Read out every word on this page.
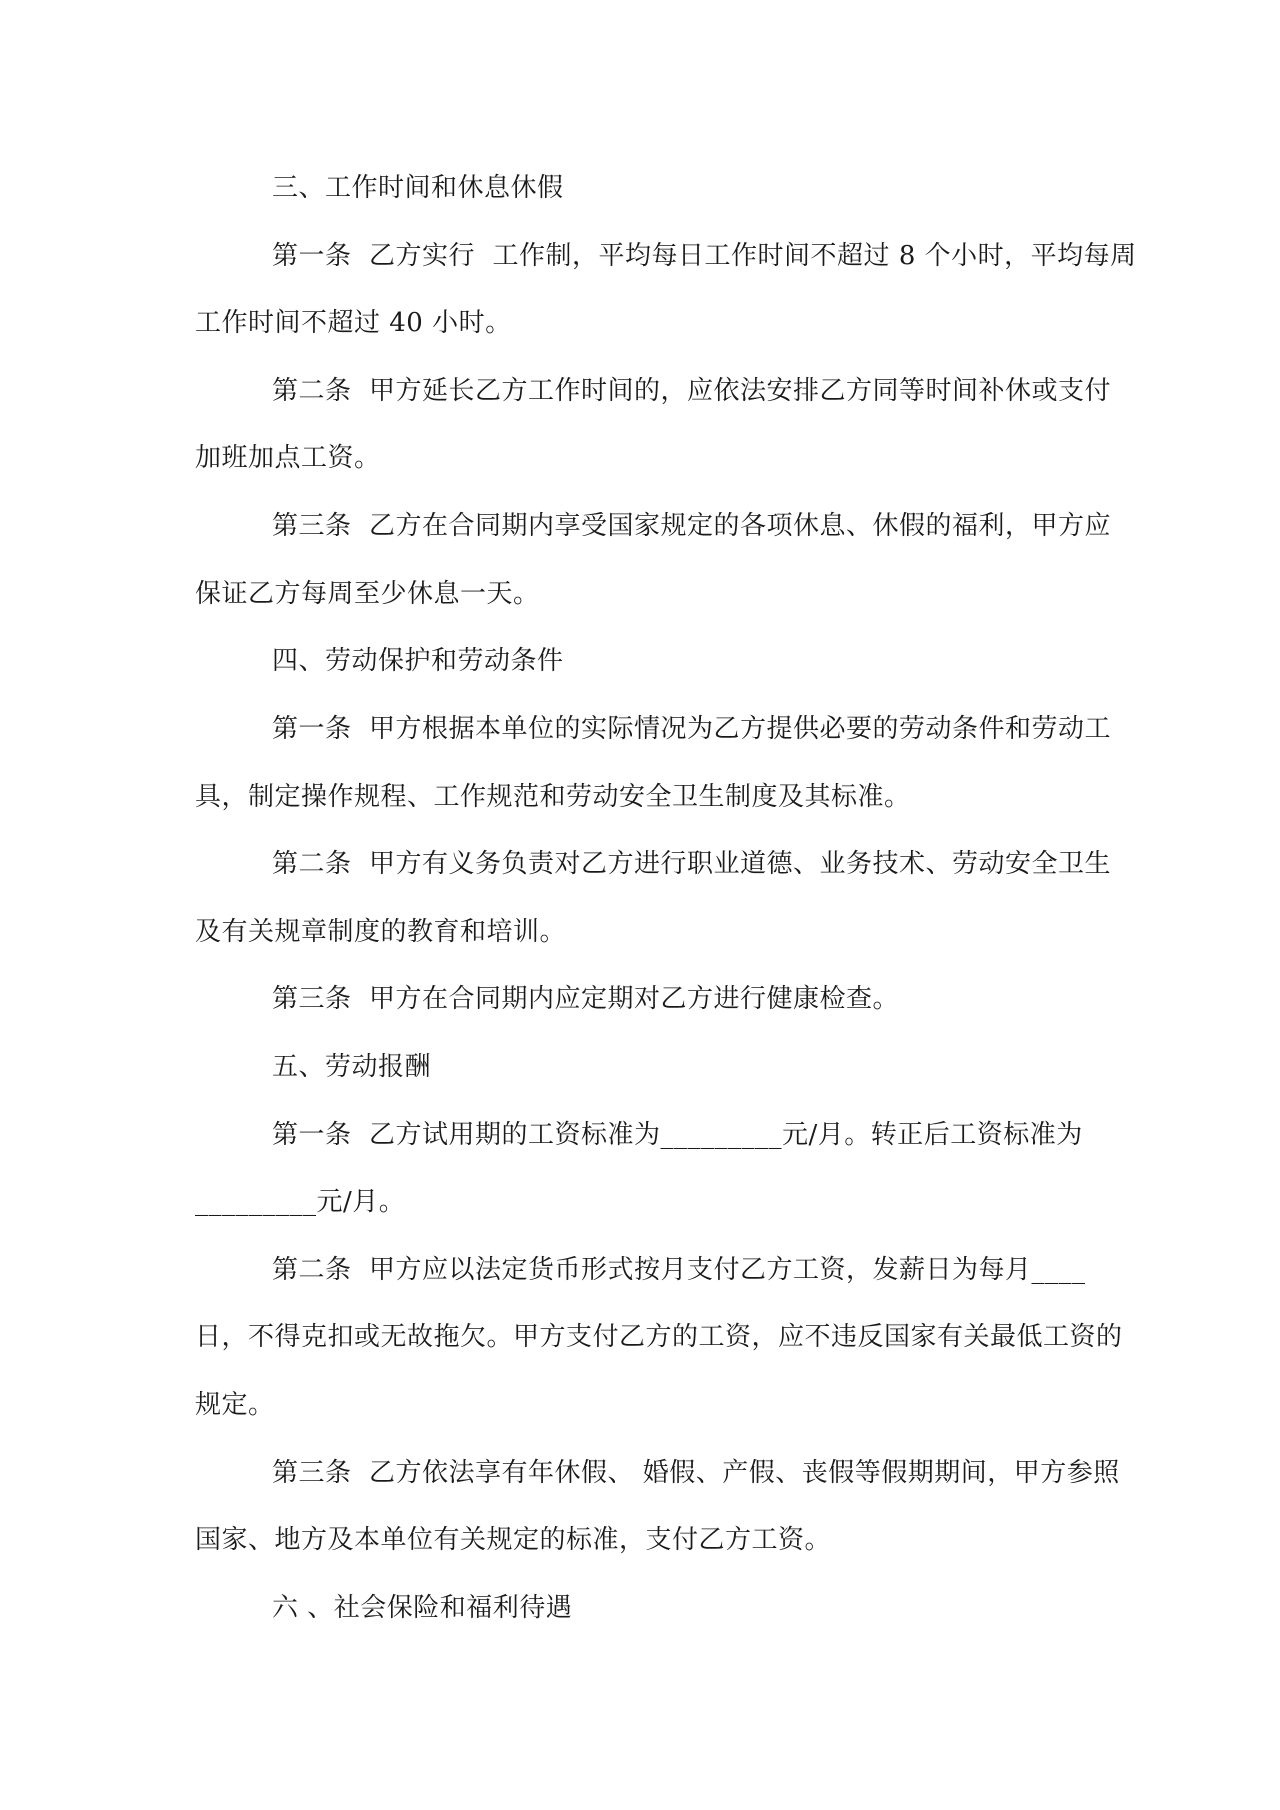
三、工作时间和休息休假
第一条  乙方实行  工作制，平均每日工作时间不超过 8 个小时，平均每周
工作时间不超过 40 小时。
第二条  甲方延长乙方工作时间的，应依法安排乙方同等时间补休或支付
加班加点工资。
第三条  乙方在合同期内享受国家规定的各项休息、休假的福利，甲方应
保证乙方每周至少休息一天。
四、劳动保护和劳动条件
第一条  甲方根据本单位的实际情况为乙方提供必要的劳动条件和劳动工
具，制定操作规程、工作规范和劳动安全卫生制度及其标准。
第二条  甲方有义务负责对乙方进行职业道德、业务技术、劳动安全卫生
及有关规章制度的教育和培训。
第三条  甲方在合同期内应定期对乙方进行健康检查。
五、劳动报酬
第一条  乙方试用期的工资标准为_________元/月。转正后工资标准为
_________元/月。
第二条  甲方应以法定货币形式按月支付乙方工资，发薪日为每月____
日，不得克扣或无故拖欠。甲方支付乙方的工资，应不违反国家有关最低工资的
规定。
第三条  乙方依法享有年休假、 婚假、产假、丧假等假期期间，甲方参照
国家、地方及本单位有关规定的标准，支付乙方工资。
六 、社会保险和福利待遇
